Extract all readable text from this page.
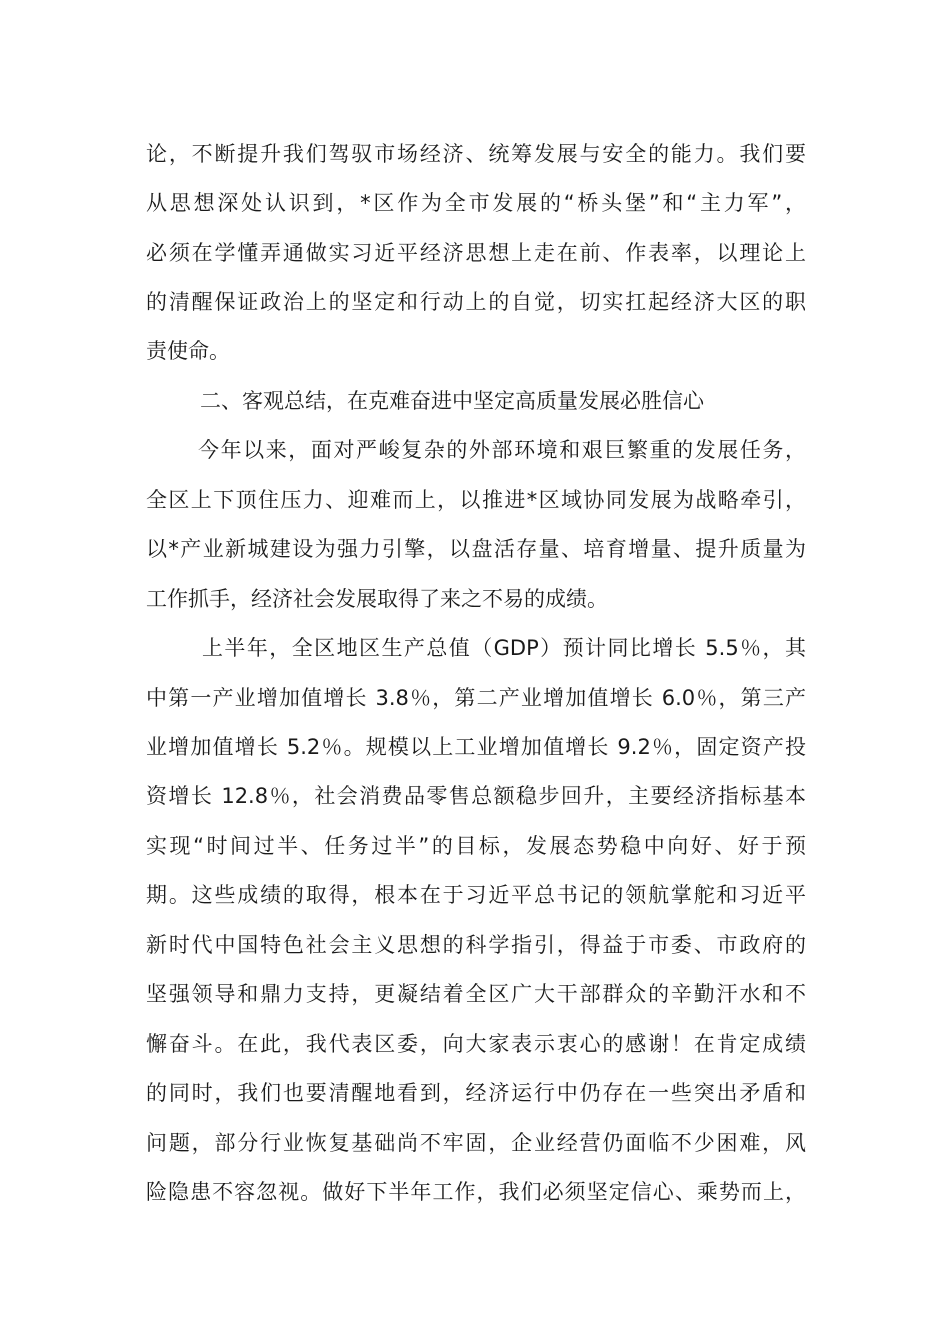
论，不断提升我们驾驭市场经济、统筹发展与安全的能力。我们要
从思想深处认识到，*区作为全市发展的“桥头堡”和“主力军”，
必须在学懂弄通做实习近平经济思想上走在前、作表率，以理论上
的清醒保证政治上的坚定和行动上的自觉，切实扛起经济大区的职
责使命。
二、客观总结，在克难奋进中坚定高质量发展必胜信心
今年以来，面对严峻复杂的外部环境和艰巨繁重的发展任务，
全区上下顶住压力、迎难而上，以推进*区域协同发展为战略牵引，
以*产业新城建设为强力引擎，以盘活存量、培育增量、提升质量为
工作抓手，经济社会发展取得了来之不易的成绩。
上半年，全区地区生产总值（GDP）预计同比增长 5.5％，其
中第一产业增加值增长 3.8％，第二产业增加值增长 6.0％，第三产
业增加值增长 5.2％。规模以上工业增加值增长 9.2％，固定资产投
资增长 12.8％，社会消费品零售总额稳步回升，主要经济指标基本
实现“时间过半、任务过半”的目标，发展态势稳中向好、好于预
期。这些成绩的取得，根本在于习近平总书记的领航掌舵和习近平
新时代中国特色社会主义思想的科学指引，得益于市委、市政府的
坚强领导和鼎力支持，更凝结着全区广大干部群众的辛勤汗水和不
懈奋斗。在此，我代表区委，向大家表示衷心的感谢！在肯定成绩
的同时，我们也要清醒地看到，经济运行中仍存在一些突出矛盾和
问题，部分行业恢复基础尚不牢固，企业经营仍面临不少困难，风
险隐患不容忽视。做好下半年工作，我们必须坚定信心、乘势而上，
